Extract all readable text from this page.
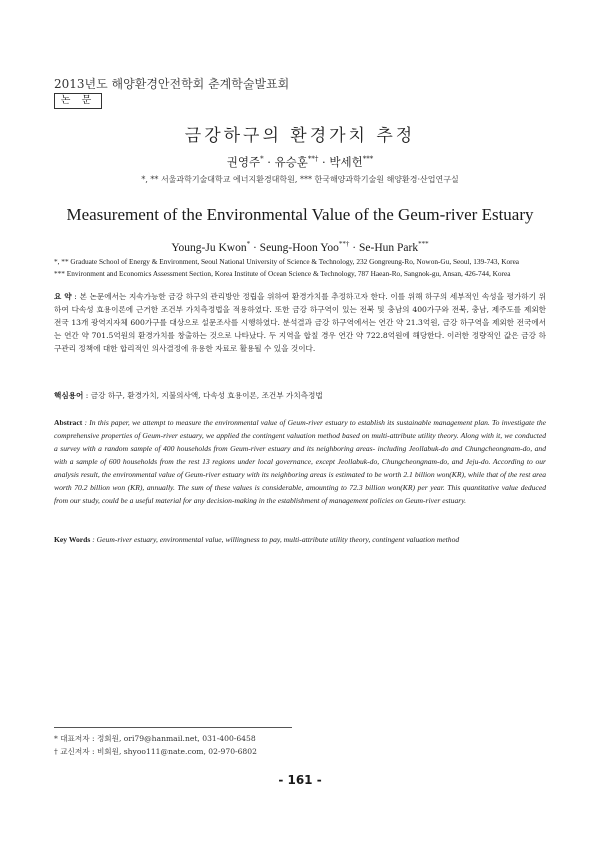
2013년도 해양환경안전학회 춘계학술발표회
논 문
금강하구의 환경가치 추정
권영주* · 유승훈**† · 박세헌***
*, ** 서울과학기술대학교 에너지환경대학원, *** 한국해양과학기술원 해양환경·산업연구실
Measurement of the Environmental Value of the Geum-river Estuary
Young-Ju Kwon* · Seung-Hoon Yoo**† · Se-Hun Park***
*, ** Graduate School of Energy & Environment, Seoul National University of Science & Technology, 232 Gongreung-Ro, Nowon-Gu, Seoul, 139-743, Korea
*** Environment and Economics Assessment Section, Korea Institute of Ocean Science & Technology, 787 Haean-Ro, Sangnok-gu, Ansan, 426-744, Korea
요 약 : 본 논문에서는 지속가능한 금강 하구의 관리방안 정립을 위하여 환경가치를 추정하고자 한다. 이를 위해 하구의 세부적인 속성을 평가하기 위하여 다속성 효용이론에 근거한 조건부 가치측정법을 적용하였다. 또한 금강 하구역이 있는 전북 및 충남의 400가구와 전북, 충남, 제주도를 제외한 전국 13개 광역지자체 600가구를 대상으로 설문조사를 시행하였다. 분석결과 금강 하구역에서는 연간 약 21.3억원, 금강 하구역을 제외한 전국에서는 연간 약 701.5억원의 환경가치를 창출하는 것으로 나타났다. 두 지역을 합칠 경우 연간 약 722.8억원에 해당한다. 이러한 정량적인 값은 금강 하구관리 정책에 대한 합리적인 의사결정에 유용한 자료로 활용될 수 있을 것이다.
핵심용어 : 금강 하구, 환경가치, 지불의사액, 다속성 효용이론, 조건부 가치측정법
Abstract : In this paper, we attempt to measure the environmental value of Geum-river estuary to establish its sustainable management plan. To investigate the comprehensive properties of Geum-river estuary, we applied the contingent valuation method based on multi-attribute utility theory. Along with it, we conducted a survey with a random sample of 400 households from Geum-river estuary and its neighboring areas- including Jeollabuk-do and Chungcheongnam-do, and with a sample of 600 households from the rest 13 regions under local governance, except Jeollabuk-do, Chungcheongnam-do, and Jeju-do. According to our analysis result, the environmental value of Geum-river estuary with its neighboring areas is estimated to be worth 2.1 billion won(KR), while that of the rest area worth 70.2 billion won (KR), annually. The sum of these values is considerable, amounting to 72.3 billion won(KR) per year. This quantitative value deduced from our study, could be a useful material for any decision-making in the establishment of management policies on Geum-river estuary.
Key Words : Geum-river estuary, environmental value, willingness to pay, multi-attribute utility theory, contingent valuation method
* 대표저자 : 정회원, ori79@hanmail.net, 031-400-6458
† 교신저자 : 비회원, shyoo111@nate.com, 02-970-6802
- 161 -
